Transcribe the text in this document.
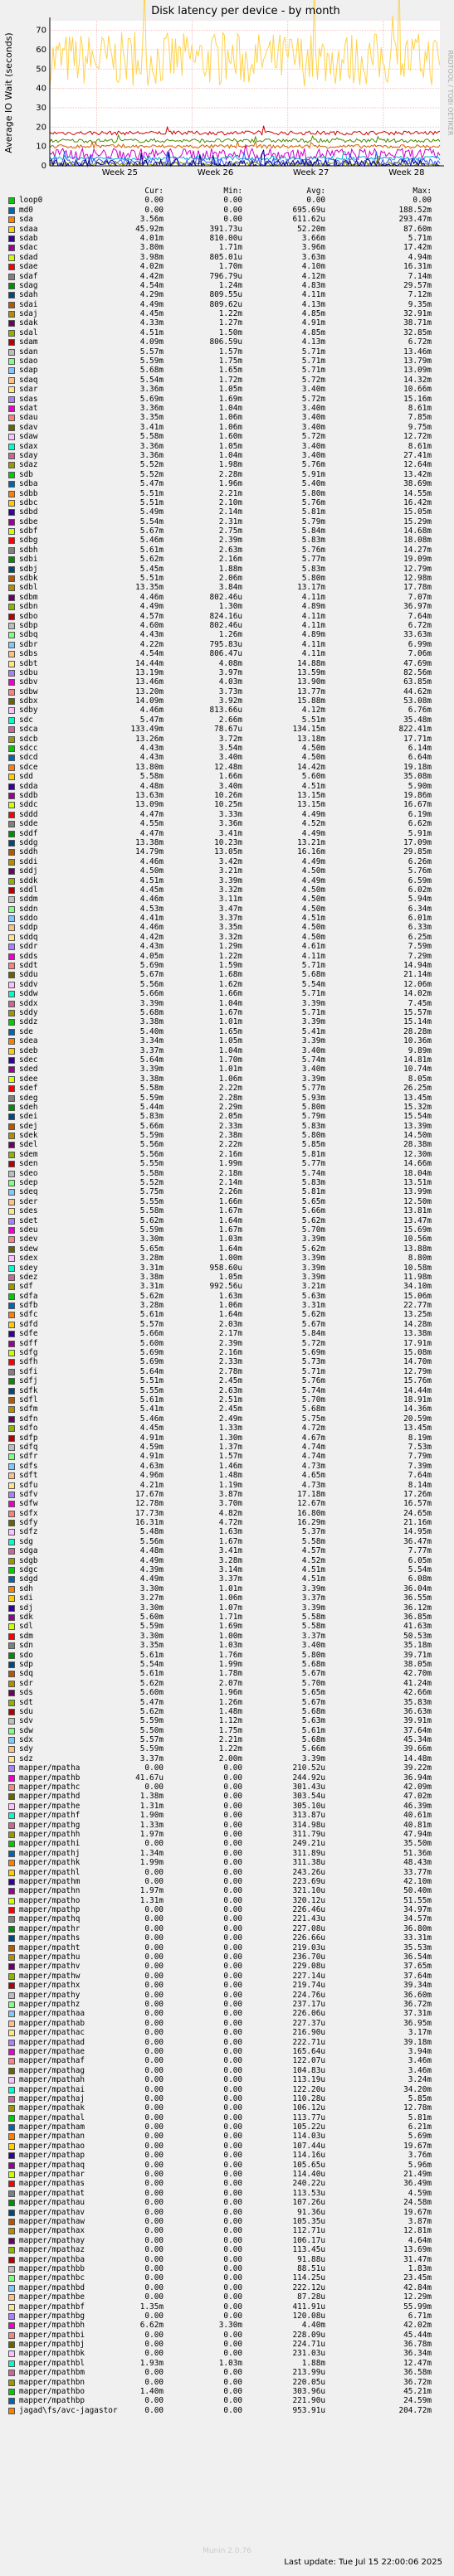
0
10
20
30
40
50
60
70
Week 25	Week 26	Week 27	Week 28
Disk latency per device - by month
Average IO Wait (seconds)	RRDTOOL / TOBI OETIKER
Cur:	Min:	Avg:	Max:
loop0	0.00	0.00	0.00	0.00
md0	0.00	0.00	695.69u	188.52m
sda	3.56m	0.00	611.62u	293.47m
sdaa	45.92m	391.73u	52.20m	87.60m
sdab	4.01m	810.00u	3.66m	5.71m
sdac	3.80m	1.71m	3.96m	17.42m
sdad	3.98m	805.01u	3.63m	4.94m
sdae	4.02m	1.70m	4.10m	16.31m
sdaf	4.42m	796.79u	4.12m	7.14m
sdag	4.54m	1.24m	4.83m	29.57m
sdah	4.29m	809.55u	4.11m	7.12m
sdai	4.49m	809.62u	4.13m	9.35m
sdaj	4.45m	1.22m	4.85m	32.91m
sdak	4.33m	1.27m	4.91m	38.71m
sdal	4.51m	1.50m	4.85m	32.85m
sdam	4.09m	806.59u	4.13m	6.72m
sdan	5.57m	1.57m	5.71m	13.46m
sdao	5.59m	1.75m	5.71m	13.79m
sdap	5.68m	1.65m	5.71m	13.09m
sdaq	5.54m	1.72m	5.72m	14.32m
sdar	3.36m	1.05m	3.40m	10.66m
sdas	5.69m	1.69m	5.72m	15.16m
sdat	3.36m	1.04m	3.40m	8.61m
sdau	3.35m	1.06m	3.40m	7.85m
sdav	3.41m	1.06m	3.40m	9.75m
sdaw	5.58m	1.60m	5.72m	12.72m
sdax	3.36m	1.05m	3.40m	8.61m
sday	3.36m	1.04m	3.40m	27.41m
sdaz	5.52m	1.98m	5.76m	12.64m
sdb	5.52m	2.28m	5.91m	13.42m
sdba	5.47m	1.96m	5.40m	38.69m
sdbb	5.51m	2.21m	5.80m	14.55m
sdbc	5.51m	2.10m	5.76m	16.42m
sdbd	5.49m	2.14m	5.81m	15.05m
sdbe	5.54m	2.31m	5.79m	15.29m
sdbf	5.67m	2.75m	5.84m	14.68m
sdbg	5.46m	2.39m	5.83m	18.08m
sdbh	5.61m	2.63m	5.76m	14.27m
sdbi	5.62m	2.16m	5.77m	19.09m
sdbj	5.45m	1.88m	5.83m	12.79m
sdbk	5.51m	2.06m	5.80m	12.98m
sdbl	13.35m	3.84m	13.17m	17.78m
sdbm	4.46m	802.46u	4.11m	7.07m
sdbn	4.49m	1.30m	4.89m	36.97m
sdbo	4.57m	824.16u	4.11m	7.64m
sdbp	4.60m	802.46u	4.11m	6.72m
sdbq	4.43m	1.26m	4.89m	33.63m
sdbr	4.22m	795.83u	4.11m	6.99m
sdbs	4.54m	806.47u	4.11m	7.06m
sdbt	14.44m	4.08m	14.88m	47.69m
sdbu	13.19m	3.97m	13.59m	82.56m
sdbv	13.46m	4.03m	13.90m	63.85m
sdbw	13.20m	3.73m	13.77m	44.62m
sdbx	14.09m	3.92m	15.88m	53.08m
sdby	4.46m	813.66u	4.12m	6.76m
sdc	5.47m	2.66m	5.51m	35.48m
sdca	133.49m	78.67u	134.15m	822.41m
sdcb	13.26m	3.72m	13.18m	17.71m
sdcc	4.43m	3.54m	4.50m	6.14m
sdcd	4.43m	3.40m	4.50m	6.64m
sdce	13.80m	12.48m	14.42m	19.18m
sdd	5.58m	1.66m	5.60m	35.08m
sdda	4.48m	3.40m	4.51m	5.90m
sddb	13.63m	10.26m	13.15m	19.86m
sddc	13.09m	10.25m	13.15m	16.67m
sddd	4.47m	3.33m	4.49m	6.19m
sdde	4.55m	3.36m	4.52m	6.62m
sddf	4.47m	3.41m	4.49m	5.91m
sddg	13.38m	10.23m	13.21m	17.09m
sddh	14.79m	13.05m	16.16m	29.85m
sddi	4.46m	3.42m	4.49m	6.26m
sddj	4.50m	3.21m	4.50m	5.76m
sddk	4.51m	3.39m	4.49m	6.59m
sddl	4.45m	3.32m	4.50m	6.02m
sddm	4.46m	3.11m	4.50m	5.94m
sddn	4.53m	3.47m	4.50m	6.34m
sddo	4.41m	3.37m	4.51m	6.01m
sddp	4.46m	3.35m	4.50m	6.33m
sddq	4.42m	3.32m	4.50m	6.25m
sddr	4.43m	1.29m	4.61m	7.59m
sdds	4.05m	1.22m	4.11m	7.29m
sddt	5.69m	1.59m	5.71m	14.94m
sddu	5.67m	1.68m	5.68m	21.14m
sddv	5.56m	1.62m	5.54m	12.06m
sddw	5.66m	1.66m	5.71m	14.02m
sddx	3.39m	1.04m	3.39m	7.45m
sddy	5.68m	1.67m	5.71m	15.57m
sddz	3.38m	1.01m	3.39m	15.14m
sde	5.40m	1.65m	5.41m	28.28m
sdea	3.34m	1.05m	3.39m	10.36m
sdeb	3.37m	1.04m	3.40m	9.89m
sdec	5.64m	1.70m	5.74m	14.81m
sded	3.39m	1.01m	3.40m	10.74m
sdee	3.38m	1.06m	3.39m	8.05m
sdef	5.58m	2.22m	5.77m	26.25m
sdeg	5.59m	2.28m	5.93m	13.45m
sdeh	5.44m	2.29m	5.80m	15.32m
sdei	5.83m	2.05m	5.79m	15.54m
sdej	5.66m	2.33m	5.83m	13.39m
sdek	5.59m	2.38m	5.80m	14.50m
sdel	5.56m	2.22m	5.85m	28.38m
sdem	5.56m	2.16m	5.81m	12.30m
sden	5.55m	1.99m	5.77m	14.66m
sdeo	5.58m	2.18m	5.74m	18.04m
sdep	5.52m	2.14m	5.83m	13.51m
sdeq	5.75m	2.26m	5.81m	13.99m
sder	5.55m	1.66m	5.65m	12.50m
sdes	5.58m	1.67m	5.66m	13.81m
sdet	5.62m	1.64m	5.62m	13.47m
sdeu	5.59m	1.67m	5.70m	15.69m
sdev	3.30m	1.03m	3.39m	10.56m
sdew	5.65m	1.64m	5.62m	13.88m
sdex	3.28m	1.00m	3.39m	8.80m
sdey	3.31m	958.60u	3.39m	10.58m
sdez	3.38m	1.05m	3.39m	11.98m
sdf	3.31m	992.56u	3.21m	34.10m
sdfa	5.62m	1.63m	5.63m	15.06m
sdfb	3.28m	1.06m	3.31m	22.77m
sdfc	5.61m	1.64m	5.62m	13.25m
sdfd	5.57m	2.03m	5.67m	14.28m
sdfe	5.66m	2.17m	5.84m	13.38m
sdff	5.60m	2.39m	5.72m	17.91m
sdfg	5.69m	2.16m	5.69m	15.08m
sdfh	5.69m	2.33m	5.73m	14.70m
sdfi	5.64m	2.78m	5.71m	12.79m
sdfj	5.51m	2.45m	5.76m	15.76m
sdfk	5.55m	2.63m	5.74m	14.44m
sdfl	5.61m	2.51m	5.70m	18.91m
sdfm	5.41m	2.45m	5.68m	14.36m
sdfn	5.46m	2.49m	5.75m	20.59m
sdfo	4.45m	1.33m	4.72m	13.45m
sdfp	4.91m	1.30m	4.67m	8.19m
sdfq	4.59m	1.37m	4.74m	7.53m
sdfr	4.91m	1.57m	4.74m	7.79m
sdfs	4.63m	1.46m	4.73m	7.39m
sdft	4.96m	1.48m	4.65m	7.64m
sdfu	4.21m	1.19m	4.73m	8.14m
sdfv	17.67m	3.87m	17.18m	17.26m
sdfw	12.78m	3.70m	12.67m	16.57m
sdfx	17.73m	4.82m	16.80m	24.65m
sdfy	16.31m	4.72m	16.29m	21.16m
sdfz	5.48m	1.63m	5.37m	14.95m
sdg	5.56m	1.67m	5.58m	36.47m
sdga	4.48m	3.41m	4.57m	7.77m
sdgb	4.49m	3.28m	4.52m	6.05m
sdgc	4.39m	3.14m	4.51m	5.54m
sdgd	4.49m	3.37m	4.51m	6.08m
sdh	3.30m	1.01m	3.39m	36.04m
sdi	3.27m	1.06m	3.37m	36.55m
sdj	3.30m	1.07m	3.39m	36.12m
sdk	5.60m	1.71m	5.58m	36.85m
sdl	5.59m	1.69m	5.58m	41.63m
sdm	3.30m	1.00m	3.37m	50.53m
sdn	3.35m	1.03m	3.40m	35.18m
sdo	5.61m	1.76m	5.80m	39.71m
sdp	5.54m	1.99m	5.68m	38.05m
sdq	5.61m	1.78m	5.67m	42.70m
sdr	5.62m	2.07m	5.70m	41.24m
sds	5.60m	1.96m	5.65m	42.66m
sdt	5.47m	1.26m	5.67m	35.83m
sdu	5.62m	1.48m	5.68m	36.63m
sdv	5.59m	1.12m	5.63m	39.91m
sdw	5.50m	1.75m	5.61m	37.64m
sdx	5.57m	2.21m	5.68m	45.34m
sdy	5.59m	1.22m	5.66m	39.66m
sdz	3.37m	2.00m	3.39m	14.48m
mapper/mpatha	0.00	0.00	210.52u	39.22m
mapper/mpathb	41.67u	0.00	244.92u	36.94m
mapper/mpathc	0.00	0.00	301.43u	42.09m
mapper/mpathd	1.38m	0.00	303.54u	47.02m
mapper/mpathe	1.31m	0.00	305.10u	46.39m
mapper/mpathf	1.90m	0.00	313.87u	40.61m
mapper/mpathg	1.33m	0.00	314.98u	40.81m
mapper/mpathh	1.97m	0.00	311.79u	47.94m
mapper/mpathi	0.00	0.00	249.21u	35.50m
mapper/mpathj	1.34m	0.00	311.89u	51.36m
mapper/mpathk	1.99m	0.00	311.38u	48.43m
mapper/mpathl	0.00	0.00	243.26u	33.77m
mapper/mpathm	0.00	0.00	223.69u	42.10m
mapper/mpathn	1.97m	0.00	321.10u	50.40m
mapper/mpatho	1.31m	0.00	320.12u	51.55m
mapper/mpathp	0.00	0.00	226.46u	34.97m
mapper/mpathq	0.00	0.00	221.43u	34.57m
mapper/mpathr	0.00	0.00	227.08u	36.80m
mapper/mpaths	0.00	0.00	226.66u	33.31m
mapper/mpatht	0.00	0.00	219.03u	35.53m
mapper/mpathu	0.00	0.00	236.70u	36.54m
mapper/mpathv	0.00	0.00	229.08u	37.65m
mapper/mpathw	0.00	0.00	227.14u	37.64m
mapper/mpathx	0.00	0.00	219.74u	39.34m
mapper/mpathy	0.00	0.00	224.76u	36.60m
mapper/mpathz	0.00	0.00	237.17u	36.72m
mapper/mpathaa	0.00	0.00	226.06u	37.31m
mapper/mpathab	0.00	0.00	227.37u	36.95m
mapper/mpathac	0.00	0.00	216.90u	3.17m
mapper/mpathad	0.00	0.00	222.71u	39.18m
mapper/mpathae	0.00	0.00	165.64u	3.94m
mapper/mpathaf	0.00	0.00	122.07u	3.46m
mapper/mpathag	0.00	0.00	104.83u	3.46m
mapper/mpathah	0.00	0.00	113.19u	3.24m
mapper/mpathai	0.00	0.00	122.20u	34.20m
mapper/mpathaj	0.00	0.00	110.28u	5.85m
mapper/mpathak	0.00	0.00	106.12u	12.78m
mapper/mpathal	0.00	0.00	113.77u	5.81m
mapper/mpatham	0.00	0.00	105.22u	6.21m
mapper/mpathan	0.00	0.00	114.03u	5.69m
mapper/mpathao	0.00	0.00	107.44u	19.67m
mapper/mpathap	0.00	0.00	114.16u	3.76m
mapper/mpathaq	0.00	0.00	105.65u	5.96m
mapper/mpathar	0.00	0.00	114.40u	21.49m
mapper/mpathas	0.00	0.00	240.22u	36.49m
mapper/mpathat	0.00	0.00	113.53u	4.59m
mapper/mpathau	0.00	0.00	107.26u	24.58m
mapper/mpathav	0.00	0.00	91.36u	19.67m
mapper/mpathaw	0.00	0.00	105.35u	3.87m
mapper/mpathax	0.00	0.00	112.71u	12.81m
mapper/mpathay	0.00	0.00	106.17u	4.64m
mapper/mpathaz	0.00	0.00	113.45u	13.69m
mapper/mpathba	0.00	0.00	91.88u	31.47m
mapper/mpathbb	0.00	0.00	88.51u	1.83m
mapper/mpathbc	0.00	0.00	114.25u	23.45m
mapper/mpathbd	0.00	0.00	222.12u	42.84m
mapper/mpathbe	0.00	0.00	87.28u	12.29m
mapper/mpathbf	1.35m	0.00	411.91u	55.99m
mapper/mpathbg	0.00	0.00	120.08u	6.71m
mapper/mpathbh	6.62m	3.30m	4.40m	42.02m
mapper/mpathbi	0.00	0.00	228.09u	45.44m
mapper/mpathbj	0.00	0.00	224.71u	36.78m
mapper/mpathbk	0.00	0.00	231.03u	36.34m
mapper/mpathbl	1.93m	1.03m	1.88m	12.47m
mapper/mpathbm	0.00	0.00	213.99u	36.58m
mapper/mpathbn	0.00	0.00	220.05u	36.72m
mapper/mpathbo	1.40m	0.00	303.96u	45.21m
mapper/mpathbp	0.00	0.00	221.90u	24.59m
jagad\fs/avc-jagastor	0.00	0.00	953.91u	204.72m
Munin 2.0.76
Last update: Tue Jul 15 22:00:06 2025
